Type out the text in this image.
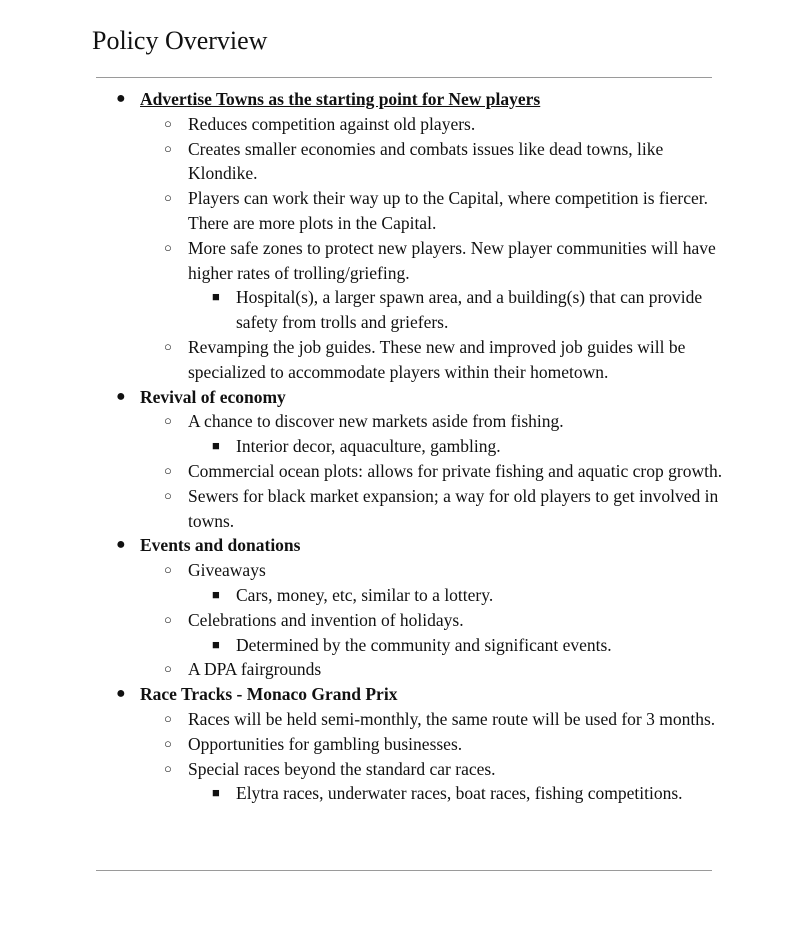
Policy Overview
● Advertise Towns as the starting point for New players
○ Reduces competition against old players.
○ Creates smaller economies and combats issues like dead towns, like Klondike.
○ Players can work their way up to the Capital, where competition is fiercer. There are more plots in the Capital.
○ More safe zones to protect new players. New player communities will have higher rates of trolling/griefing.
■ Hospital(s), a larger spawn area, and a building(s) that can provide safety from trolls and griefers.
○ Revamping the job guides. These new and improved job guides will be specialized to accommodate players within their hometown.
● Revival of economy
○ A chance to discover new markets aside from fishing.
■ Interior decor, aquaculture, gambling.
○ Commercial ocean plots: allows for private fishing and aquatic crop growth.
○ Sewers for black market expansion; a way for old players to get involved in towns.
● Events and donations
○ Giveaways
■ Cars, money, etc, similar to a lottery.
○ Celebrations and invention of holidays.
■ Determined by the community and significant events.
○ A DPA fairgrounds
● Race Tracks - Monaco Grand Prix
○ Races will be held semi-monthly, the same route will be used for 3 months.
○ Opportunities for gambling businesses.
○ Special races beyond the standard car races.
■ Elytra races, underwater races, boat races, fishing competitions.
